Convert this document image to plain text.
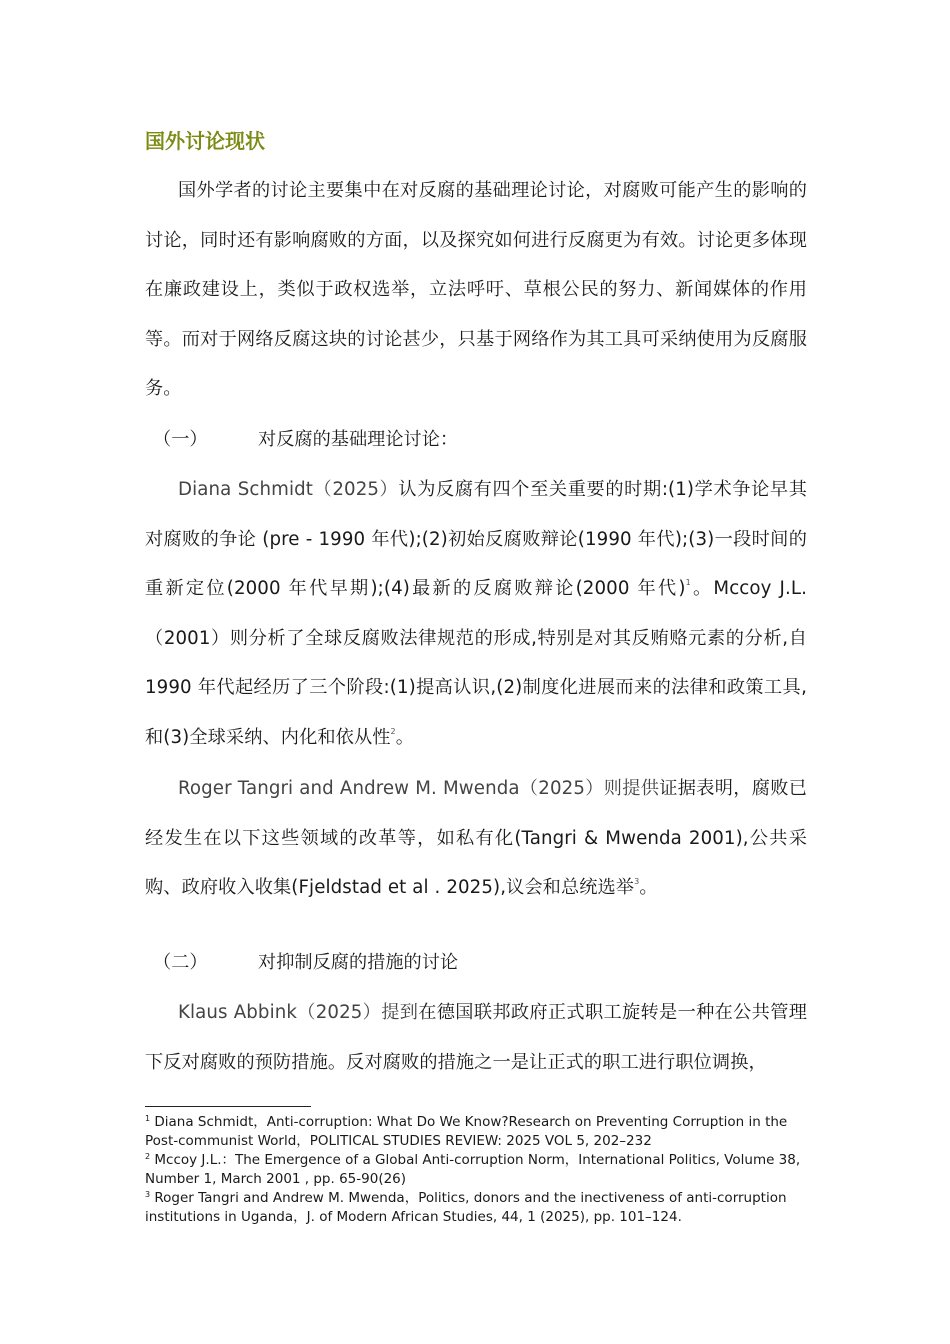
国外讨论现状

国外学者的讨论主要集中在对反腐的基础理论讨论，对腐败可能产生的影响的讨论，同时还有影响腐败的方面，以及探究如何进行反腐更为有效。讨论更多体现在廉政建设上，类似于政权选举，立法呼吁、草根公民的努力、新闻媒体的作用等。而对于网络反腐这块的讨论甚少，只基于网络作为其工具可采纳使用为反腐服务。

（一）	对反腐的基础理论讨论：

Diana Schmidt（2025）认为反腐有四个至关重要的时期:(1)学术争论早其对腐败的争论 (pre - 1990 年代);(2)初始反腐败辩论(1990 年代);(3)一段时间的重新定位(2000 年代早期);(4)最新的反腐败辩论(2000 年代)$^1$。Mccoy J.L.（2001）则分析了全球反腐败法律规范的形成,特别是对其反贿赂元素的分析,自 1990 年代起经历了三个阶段:(1)提高认识,(2)制度化进展而来的法律和政策工具,和(3)全球采纳、内化和依从性$^2$。

Roger Tangri and Andrew M. Mwenda（2025）则提供证据表明，腐败已经发生在以下这些领域的改革等，如私有化(Tangri & Mwenda 2001),公共采购、政府收入收集(Fjeldstad et al . 2025),议会和总统选举$^3$。

（二）	对抑制反腐的措施的讨论

Klaus Abbink（2025）提到在德国联邦政府正式职工旋转是一种在公共管理下反对腐败的预防措施。反对腐败的措施之一是让正式的职工进行职位调换，

$^1$ Diana Schmidt，Anti-corruption: What Do We Know?Research on Preventing Corruption in the Post-communist World，POLITICAL STUDIES REVIEW: 2025 VOL 5, 202–232

$^2$ Mccoy J.L.：The Emergence of a Global Anti-corruption Norm，International Politics, Volume 38, Number 1, March 2001 , pp. 65-90(26)

$^3$ Roger Tangri and Andrew M. Mwenda，Politics, donors and the inectiveness of anti-corruption institutions in Uganda，J. of Modern African Studies, 44, 1 (2025), pp. 101–124.
